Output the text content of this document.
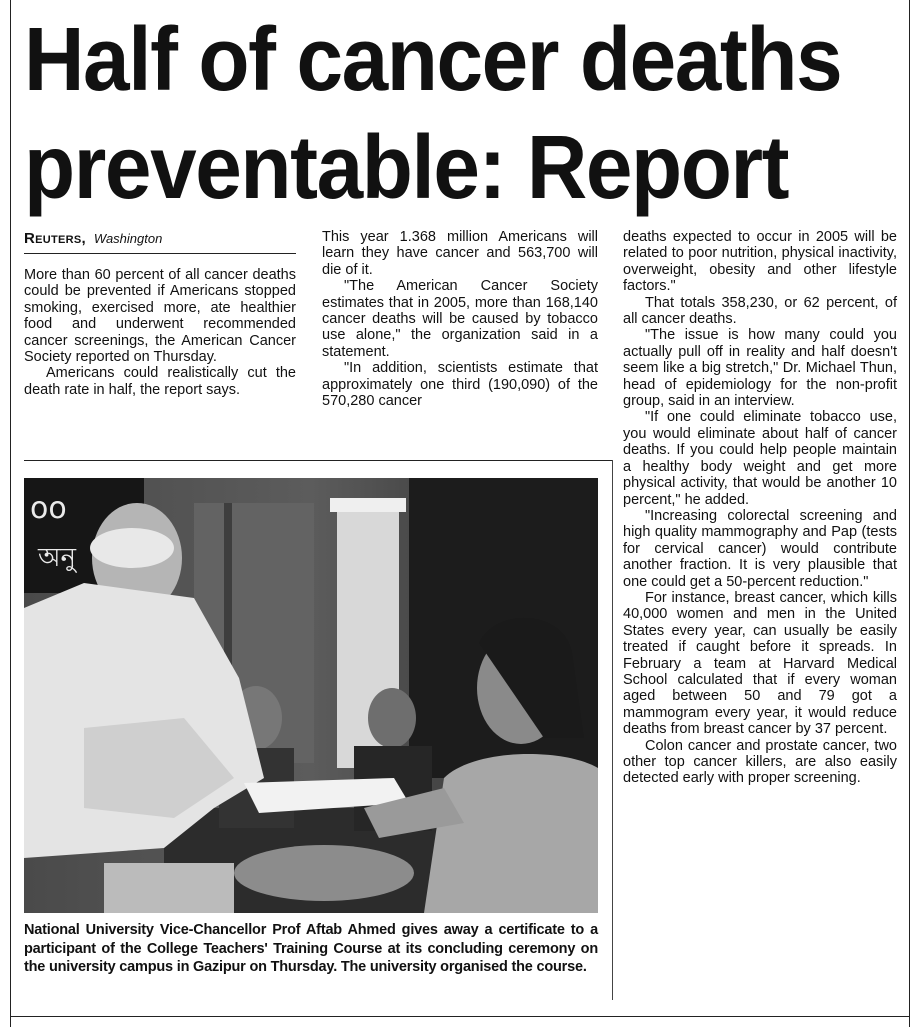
Half of cancer deaths
preventable: Report
Reuters, Washington

More than 60 percent of all cancer deaths could be prevented if Americans stopped smoking, exercised more, ate healthier food and underwent recommended cancer screenings, the American Cancer Society reported on Thursday.

Americans could realistically cut the death rate in half, the report says.

This year 1.368 million Americans will learn they have cancer and 563,700 will die of it.

"The American Cancer Society estimates that in 2005, more than 168,140 cancer deaths will be caused by tobacco use alone," the organization said in a statement.

"In addition, scientists estimate that approximately one third (190,090) of the 570,280 cancer

deaths expected to occur in 2005 will be related to poor nutrition, physical inactivity, overweight, obesity and other lifestyle factors."

That totals 358,230, or 62 percent, of all cancer deaths.

"The issue is how many could you actually pull off in reality and half doesn't seem like a big stretch," Dr. Michael Thun, head of epidemiology for the non-profit group, said in an interview.

"If one could eliminate tobacco use, you would eliminate about half of cancer deaths. If you could help people maintain a healthy body weight and get more physical activity, that would be another 10 percent," he added.

"Increasing colorectal screening and high quality mammography and Pap (tests for cervical cancer) would contribute another fraction. It is very plausible that one could get a 50-percent reduction."

For instance, breast cancer, which kills 40,000 women and men in the United States every year, can usually be easily treated if caught before it spreads. In February a team at Harvard Medical School calculated that if every woman aged between 50 and 79 got a mammogram every year, it would reduce deaths from breast cancer by 37 percent.

Colon cancer and prostate cancer, two other top cancer killers, are also easily detected early with proper screening.

oo
অনু

National University Vice-Chancellor Prof Aftab Ahmed gives away a certificate to a participant of the College Teachers' Training Course at its concluding ceremony on the university campus in Gazipur on Thursday. The university organised the course.
